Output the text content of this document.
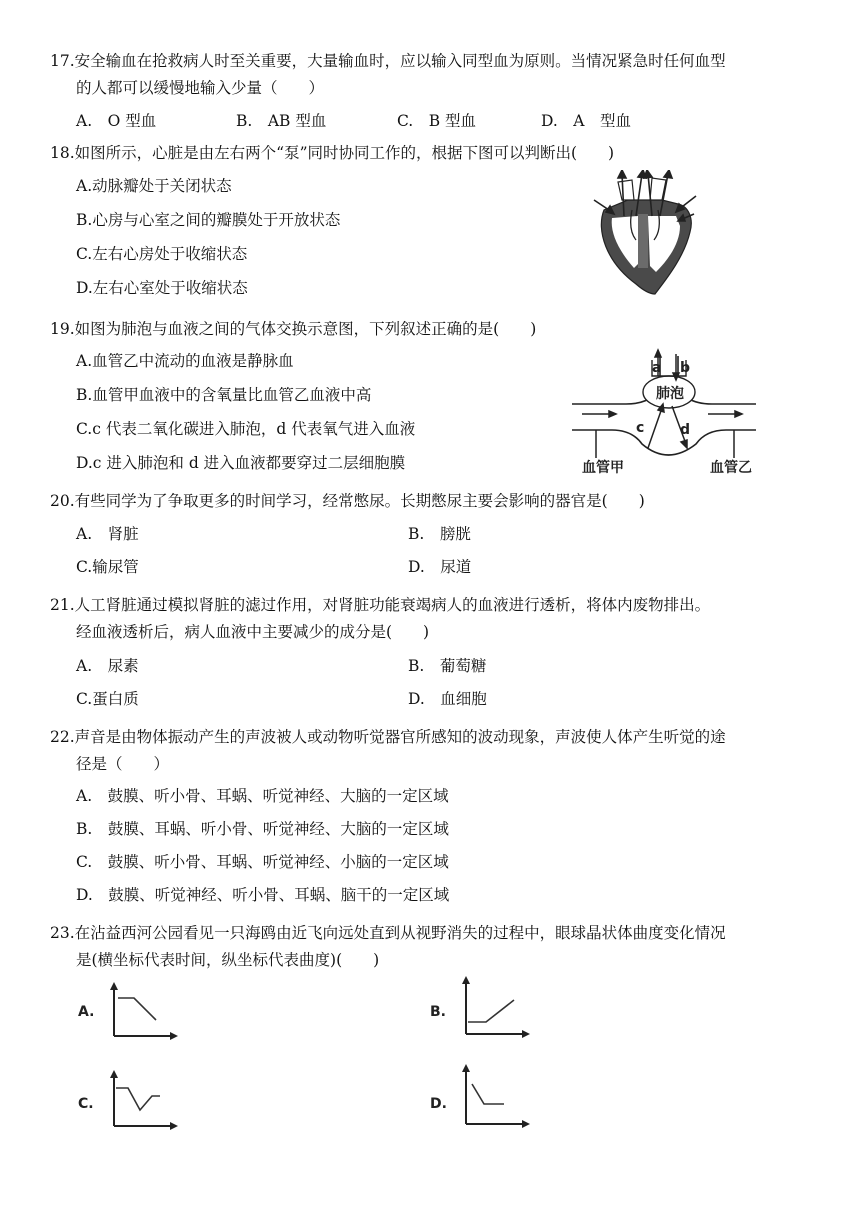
17.安全输血在抢救病人时至关重要，大量输血时，应以输入同型血为原则。当情况紧急时任何血型
的人都可以缓慢地输入少量（　　）
A.　O 型血	B.　AB 型血	C.　B 型血	D.　A　型血
18.如图所示，心脏是由左右两个“泵”同时协同工作的，根据下图可以判断出(　　)
A.动脉瓣处于关闭状态
B.心房与心室之间的瓣膜处于开放状态
C.左右心房处于收缩状态
D.左右心室处于收缩状态
19.如图为肺泡与血液之间的气体交换示意图，下列叙述正确的是(　　)
A.血管乙中流动的血液是静脉血
B.血管甲血液中的含氧量比血管乙血液中高
C.c 代表二氧化碳进入肺泡，d 代表氧气进入血液
D.c 进入肺泡和 d 进入血液都要穿过二层细胞膜
a b
肺泡
c	d
血管甲	血管乙
20.有些同学为了争取更多的时间学习，经常憋尿。长期憋尿主要会影响的器官是(　　)
A.　肾脏	B.　膀胱
C.输尿管	D.　尿道
21.人工肾脏通过模拟肾脏的滤过作用，对肾脏功能衰竭病人的血液进行透析，将体内废物排出。
经血液透析后，病人血液中主要减少的成分是(　　)
A.　尿素	B.　葡萄糖
C.蛋白质	D.　血细胞
22.声音是由物体振动产生的声波被人或动物听觉器官所感知的波动现象，声波使人体产生听觉的途
径是（　　）
A.　鼓膜、听小骨、耳蜗、听觉神经、大脑的一定区域
B.　鼓膜、耳蜗、听小骨、听觉神经、大脑的一定区域
C.　鼓膜、听小骨、耳蜗、听觉神经、小脑的一定区域
D.　鼓膜、听觉神经、听小骨、耳蜗、脑干的一定区域
23.在沾益西河公园看见一只海鸥由近飞向远处直到从视野消失的过程中，眼球晶状体曲度变化情况
是(横坐标代表时间，纵坐标代表曲度)(　　)
A.	B.
C.	D.
